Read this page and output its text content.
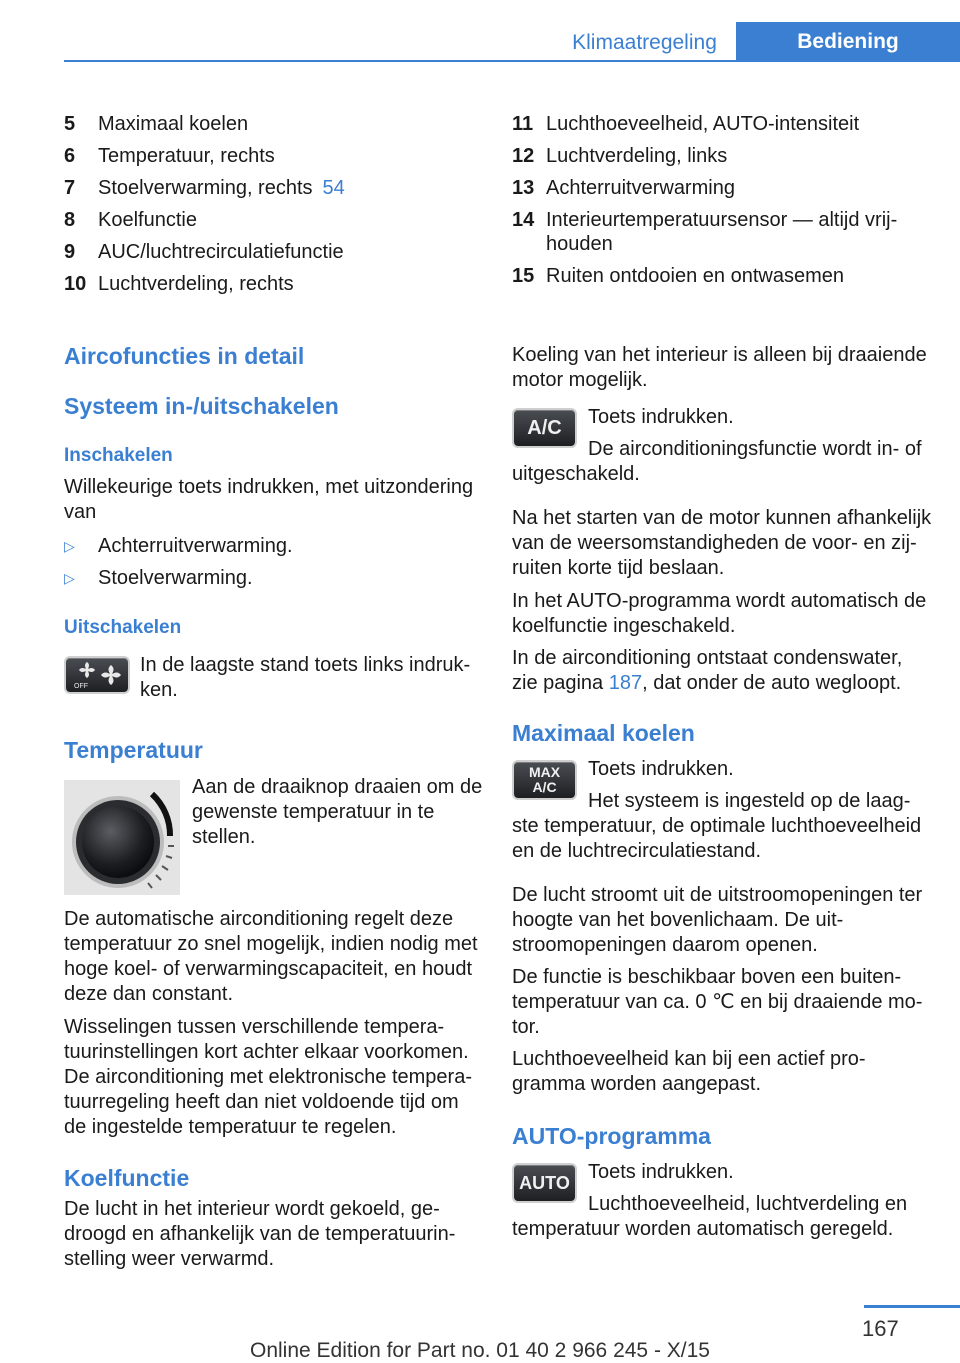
Klimaatregeling	Bediening
5	Maximaal koelen
6	Temperatuur, rechts
7	Stoelverwarming, rechts 54
8	Koelfunctie
9	AUC/luchtrecirculatiefunctie
10 Luchtverdeling, rechts
11 Luchthoeveelheid, AUTO-intensiteit
12 Luchtverdeling, links
13 Achterruitverwarming
14 Interieurtemperatuursensor — altijd vrij-houden
15 Ruiten ontdooien en ontwasemen
Aircofuncties in detail
Systeem in-/uitschakelen
Inschakelen

Willekeurige toets indrukken, met uitzondering van

▷	Achterruitverwarming.
▷	Stoelverwarming.
Uitschakelen
OFF

In de laagste stand toets links indruk-ken.

Temperatuur

Aan de draaiknop draaien om de gewenste temperatuur in te stellen.

De automatische airconditioning regelt deze temperatuur zo snel mogelijk, indien nodig met hoge koel- of verwarmingscapaciteit, en houdt deze dan constant.

Wisselingen tussen verschillende tempera-tuurinstellingen kort achter elkaar voorkomen. De airconditioning met elektronische tempera-tuurregeling heeft dan niet voldoende tijd om de ingestelde temperatuur te regelen.

Koelfunctie

De lucht in het interieur wordt gekoeld, ge-droogd en afhankelijk van de temperatuurin-stelling weer verwarmd.

Koeling van het interieur is alleen bij draaiende motor mogelijk.

A/C Toets indrukken.

De airconditioningsfunctie wordt in- of uitgeschakeld.

Na het starten van de motor kunnen afhankelijk van de weersomstandigheden de voor- en zij-ruiten korte tijd beslaan.

In het AUTO-programma wordt automatisch de koelfunctie ingeschakeld.

In de airconditioning ontstaat condenswater, zie pagina 187, dat onder de auto wegloopt.

Maximaal koelen
MAX
A/C

Toets indrukken.

Het systeem is ingesteld op de laag-ste temperatuur, de optimale luchthoeveelheid en de luchtrecirculatiestand.

De lucht stroomt uit de uitstroomopeningen ter hoogte van het bovenlichaam. De uit-stroomopeningen daarom openen.

De functie is beschikbaar boven een buiten-temperatuur van ca. 0 ℃ en bij draaiende mo-tor.

Luchthoeveelheid kan bij een actief pro-gramma worden aangepast.

AUTO-programma
AUTO Toets indrukken.

Luchthoeveelheid, luchtverdeling en temperatuur worden automatisch geregeld.

167
Online Edition for Part no. 01 40 2 966 245 - X/15
